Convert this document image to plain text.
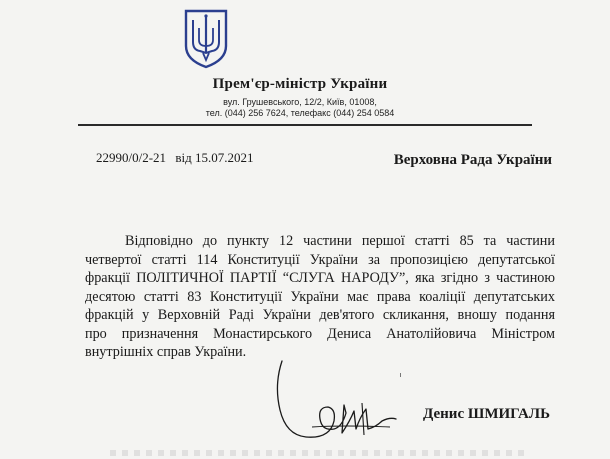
Прем'єр-міністр України
вул. Грушевського, 12/2, Київ, 01008,
тел. (044) 256 7624, телефакс (044) 254 0584
22990/0/2-21 від 15.07.2021	Верховна Рада України
Відповідно до пункту 12 частини першої статті 85 та частини
четвертої статті 114 Конституції України за пропозицією депутатської
фракції ПОЛІТИЧНОЇ ПАРТІЇ “СЛУГА НАРОДУ”, яка згідно з частиною
десятою статті 83 Конституції України має права коаліції депутатських
фракцій у Верховній Раді України дев'ятого скликання, вношу подання
про призначення Монастирського Дениса Анатолійовича Міністром
внутрішніх справ України.
Денис ШМИГАЛЬ
